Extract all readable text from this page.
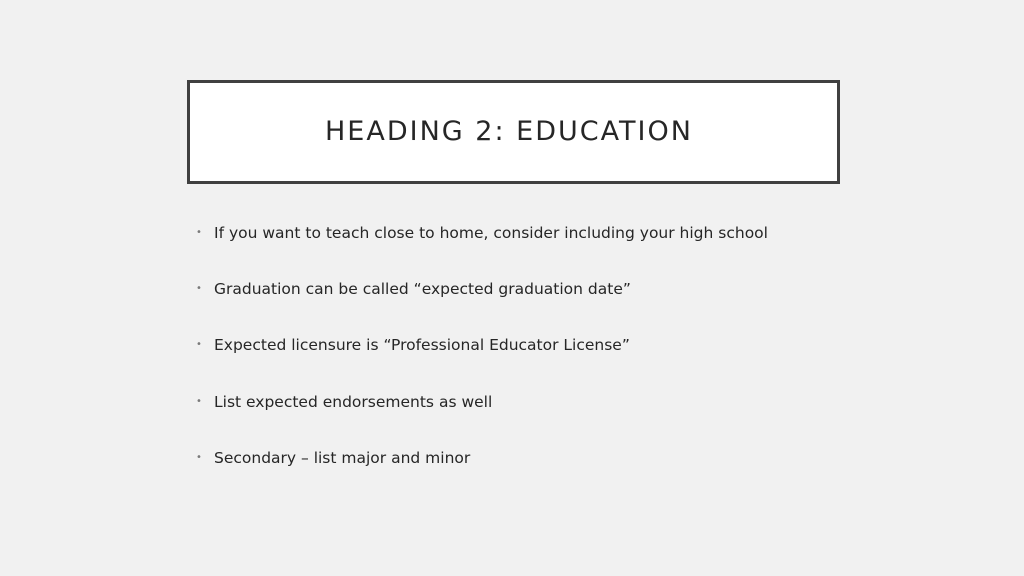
HEADING 2: EDUCATION
• If you want to teach close to home, consider including your high school
• Graduation can be called “expected graduation date”
• Expected licensure is “Professional Educator License”
• List expected endorsements as well
• Secondary – list major and minor
